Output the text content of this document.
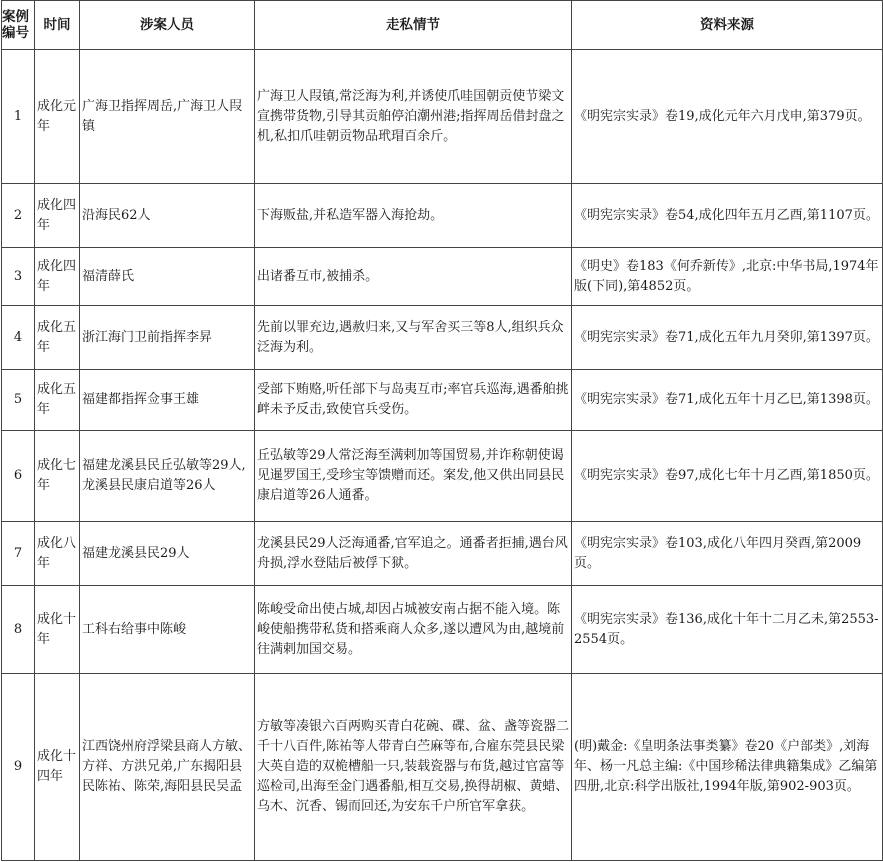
案例编号	时间	涉案人员	走私情节	资料来源
1	成化元年	广海卫指挥周岳,广海卫人叚镇	广海卫人叚镇,常泛海为利,并诱使爪哇国朝贡使节梁文宣携带货物,引导其贡舶停泊潮州港;指挥周岳借封盘之机,私扣爪哇朝贡物品玳瑁百余斤。	《明宪宗实录》卷19,成化元年六月戊申,第379页。
2	成化四年	沿海民62人	下海贩盐,并私造军器入海抢劫。	《明宪宗实录》卷54,成化四年五月乙酉,第1107页。
3	成化四年	福清薛氏	出诸番互市,被捕杀。	《明史》卷183《何乔新传》,北京:中华书局,1974年版(下同),第4852页。
4	成化五年	浙江海门卫前指挥李昇	先前以罪充边,遇赦归来,又与军舍买三等8人,组织兵众泛海为利。	《明宪宗实录》卷71,成化五年九月癸卯,第1397页。
5	成化五年	福建都指挥佥事王雄	受部下贿赂,听任部下与岛夷互市;率官兵巡海,遇番舶挑衅未予反击,致使官兵受伤。	《明宪宗实录》卷71,成化五年十月乙巳,第1398页。
6	成化七年	福建龙溪县民丘弘敏等29人,龙溪县民康启道等26人	丘弘敏等29人常泛海至满剌加等国贸易,并诈称朝使谒见暹罗国王,受珍宝等馈赠而还。案发,他又供出同县民康启道等26人通番。	《明宪宗实录》卷97,成化七年十月乙酉,第1850页。
7	成化八年	福建龙溪县民29人	龙溪县民29人泛海通番,官军追之。通番者拒捕,遇台风舟损,浮水登陆后被俘下狱。	《明宪宗实录》卷103,成化八年四月癸酉,第2009页。
8	成化十年	工科右给事中陈峻	陈峻受命出使占城,却因占城被安南占据不能入境。陈峻使船携带私货和搭乘商人众多,遂以遭风为由,越境前往满剌加国交易。	《明宪宗实录》卷136,成化十年十二月乙未,第2553-2554页。
9	成化十四年	江西饶州府浮梁县商人方敏、方祥、方洪兄弟,广东揭阳县民陈祐、陈荣,海阳县民吴孟	方敏等凑银六百两购买青白花碗、碟、盆、盏等瓷器二千十八百件,陈祐等人带青白苎麻等布,合雇东莞县民梁大英自造的双桅槽船一只,装载瓷器与布货,越过官富等巡检司,出海至金门遇番船,相互交易,换得胡椒、黄蜡、乌木、沉香、锡而回还,为安东千户所官军拿获。	(明)戴金:《皇明条法事类纂》卷20《户部类》,刘海年、杨一凡总主编:《中国珍稀法律典籍集成》乙编第四册,北京:科学出版社,1994年版,第902-903页。
